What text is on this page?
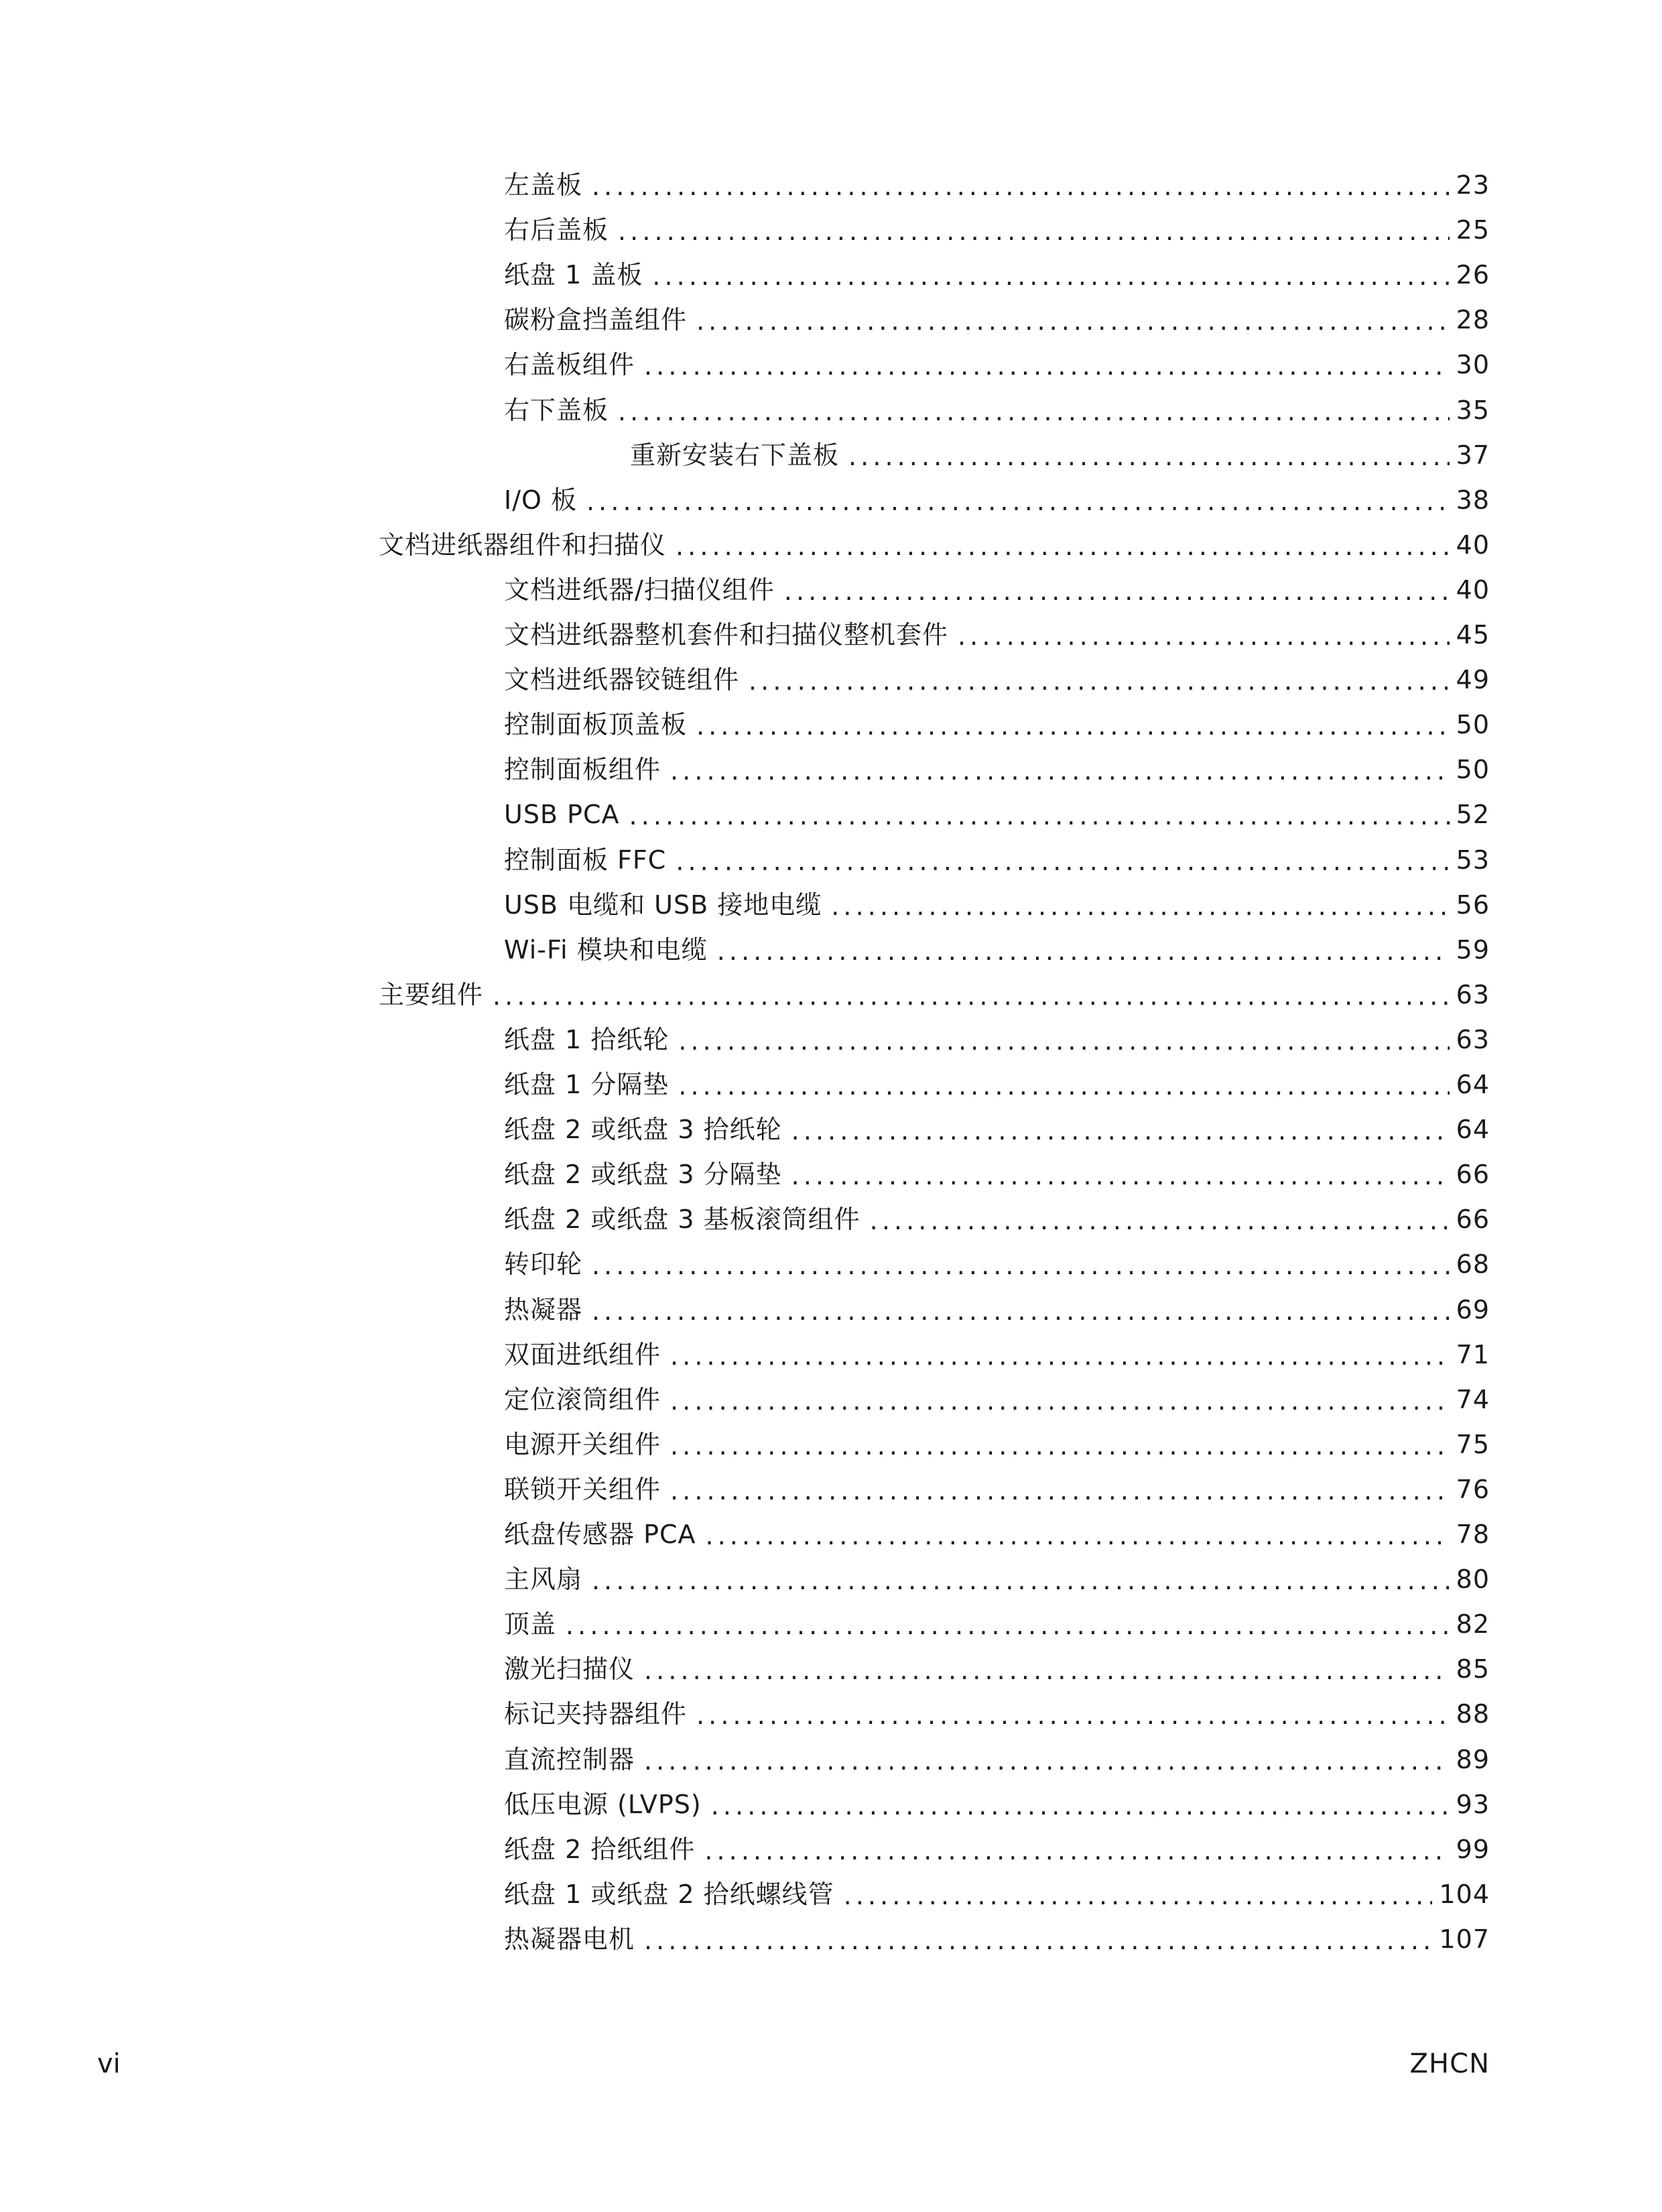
左盖板 . . .	23
右后盖板 . . .	25
纸盘 1 盖板 . . .	26
碳粉盒挡盖组件 . . .	28
右盖板组件 . . .	30
右下盖板 . . .	35
重新安装右下盖板 . . .	37
I/O 板 . . .	38
文档进纸器组件和扫描仪 . . .	40
文档进纸器/扫描仪组件 . . .	40
文档进纸器整机套件和扫描仪整机套件 . . .	45
文档进纸器铰链组件 . . .	49
控制面板顶盖板 . . .	50
控制面板组件 . . .	50
USB PCA . . .	52
控制面板 FFC . . .	53
USB 电缆和 USB 接地电缆 . . .	56
Wi-Fi 模块和电缆 . . .	59
主要组件 . . .	63
纸盘 1 拾纸轮 . . .	63
纸盘 1 分隔垫 . . .	64
纸盘 2 或纸盘 3 拾纸轮 . . .	64
纸盘 2 或纸盘 3 分隔垫 . . .	66
纸盘 2 或纸盘 3 基板滚筒组件 . . .	66
转印轮 . . .	68
热凝器 . . .	69
双面进纸组件 . . .	71
定位滚筒组件 . . .	74
电源开关组件 . . .	75
联锁开关组件 . . .	76
纸盘传感器 PCA . . .	78
主风扇 . . .	80
顶盖 . . .	82
激光扫描仪 . . .	85
标记夹持器组件 . . .	88
直流控制器 . . .	89
低压电源 (LVPS) . . .	93
纸盘 2 拾纸组件 . . .	99
纸盘 1 或纸盘 2 拾纸螺线管 . . .	104
热凝器电机 . . .	107
vi	ZHCN
